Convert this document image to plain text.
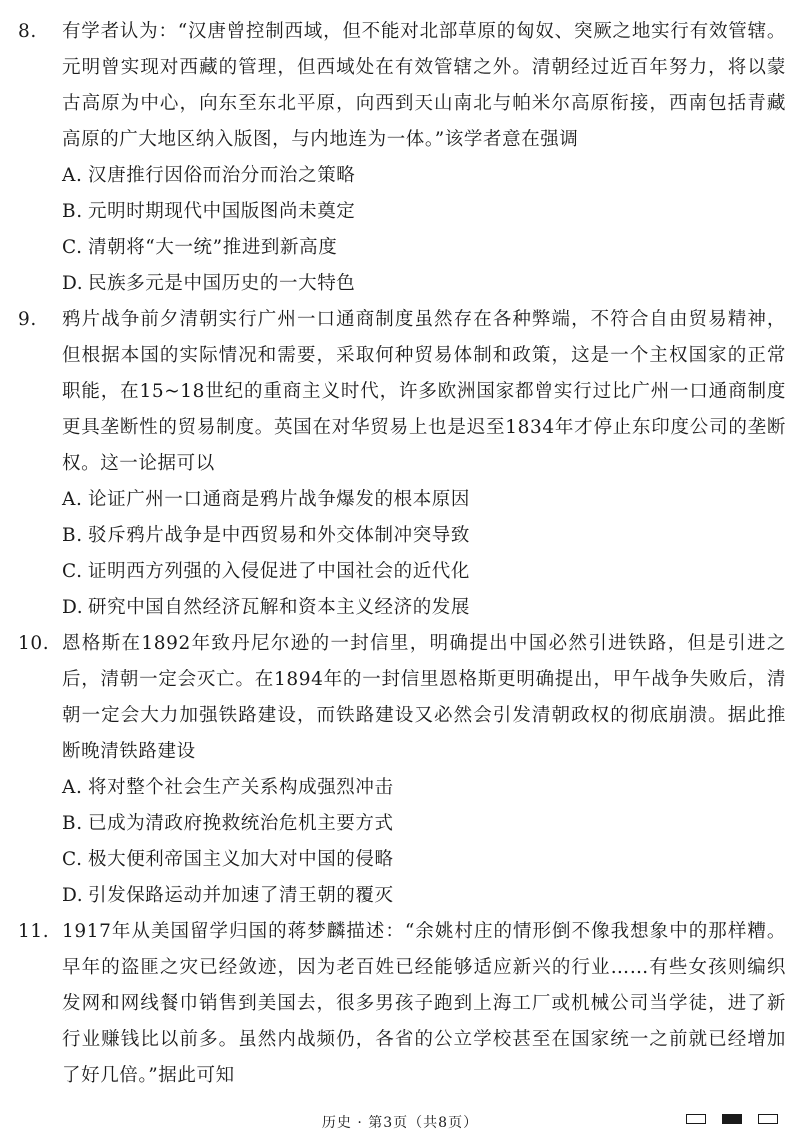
8. 有学者认为：“汉唐曾控制西域，但不能对北部草原的匈奴、突厥之地实行有效管辖。元明曾实现对西藏的管理，但西域处在有效管辖之外。清朝经过近百年努力，将以蒙古高原为中心，向东至东北平原，向西到天山南北与帕米尔高原衔接，西南包括青藏高原的广大地区纳入版图，与内地连为一体。”该学者意在强调
A. 汉唐推行因俗而治分而治之策略
B. 元明时期现代中国版图尚未奠定
C. 清朝将“大一统”推进到新高度
D. 民族多元是中国历史的一大特色
9. 鸦片战争前夕清朝实行广州一口通商制度虽然存在各种弊端，不符合自由贸易精神，但根据本国的实际情况和需要，采取何种贸易体制和政策，这是一个主权国家的正常职能，在15~18世纪的重商主义时代，许多欧洲国家都曾实行过比广州一口通商制度更具垄断性的贸易制度。英国在对华贸易上也是迟至1834年才停止东印度公司的垄断权。这一论据可以
A. 论证广州一口通商是鸦片战争爆发的根本原因
B. 驳斥鸦片战争是中西贸易和外交体制冲突导致
C. 证明西方列强的入侵促进了中国社会的近代化
D. 研究中国自然经济瓦解和资本主义经济的发展
10. 恩格斯在1892年致丹尼尔逊的一封信里，明确提出中国必然引进铁路，但是引进之后，清朝一定会灭亡。在1894年的一封信里恩格斯更明确提出，甲午战争失败后，清朝一定会大力加强铁路建设，而铁路建设又必然会引发清朝政权的彻底崩溃。据此推断晚清铁路建设
A. 将对整个社会生产关系构成强烈冲击
B. 已成为清政府挽救统治危机主要方式
C. 极大便利帝国主义加大对中国的侵略
D. 引发保路运动并加速了清王朝的覆灭
11. 1917年从美国留学归国的蒋梦麟描述：“余姚村庄的情形倒不像我想象中的那样糟。早年的盗匪之灾已经敛迹，因为老百姓已经能够适应新兴的行业……有些女孩则编织发网和网线餐巾销售到美国去，很多男孩子跑到上海工厂或机械公司当学徒，进了新行业赚钱比以前多。虽然内战频仍，各省的公立学校甚至在国家统一之前就已经增加了好几倍。”据此可知
历史 · 第3页（共8页）
